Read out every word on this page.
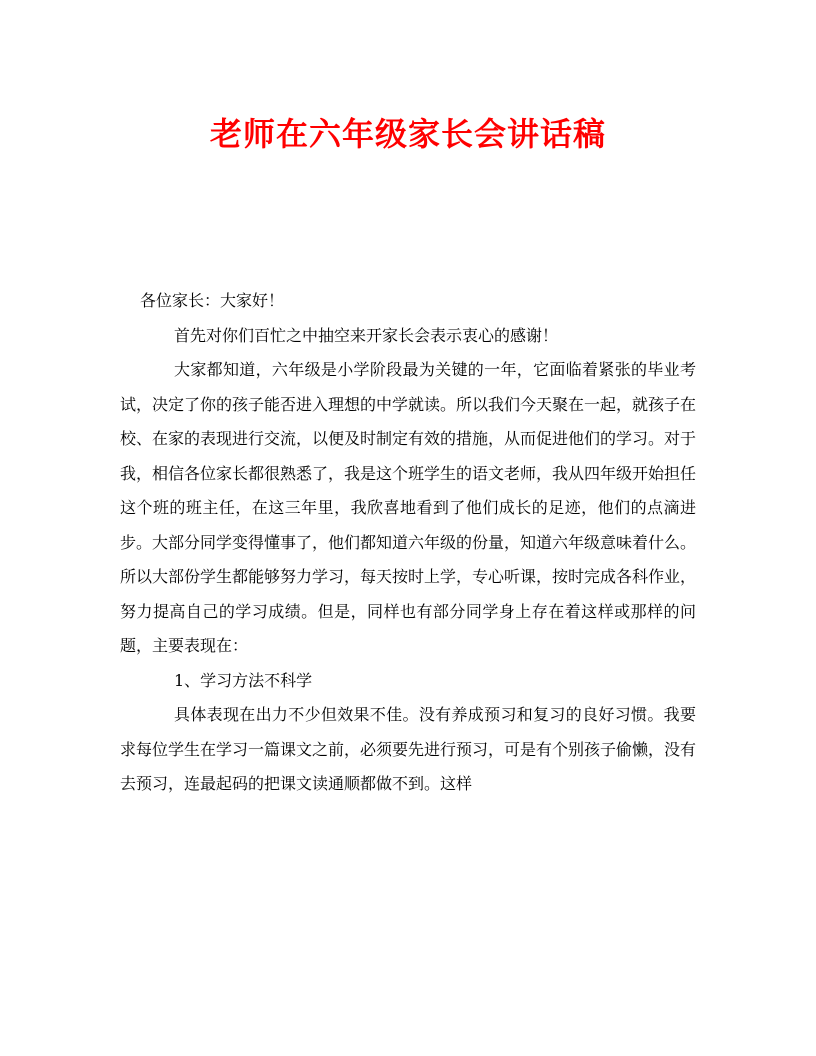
老师在六年级家长会讲话稿

各位家长：大家好！

首先对你们百忙之中抽空来开家长会表示衷心的感谢！

大家都知道，六年级是小学阶段最为关键的一年，它面临着紧张的毕业考试，决定了你的孩子能否进入理想的中学就读。所以我们今天聚在一起，就孩子在校、在家的表现进行交流，以便及时制定有效的措施，从而促进他们的学习。对于我，相信各位家长都很熟悉了，我是这个班学生的语文老师，我从四年级开始担任这个班的班主任，在这三年里，我欣喜地看到了他们成长的足迹，他们的点滴进步。大部分同学变得懂事了，他们都知道六年级的份量，知道六年级意味着什么。所以大部份学生都能够努力学习，每天按时上学，专心听课，按时完成各科作业，努力提高自己的学习成绩。但是，同样也有部分同学身上存在着这样或那样的问题，主要表现在：

1、学习方法不科学

具体表现在出力不少但效果不佳。没有养成预习和复习的良好习惯。我要求每位学生在学习一篇课文之前，必须要先进行预习，可是有个别孩子偷懒，没有去预习，连最起码的把课文读通顺都做不到。这样
